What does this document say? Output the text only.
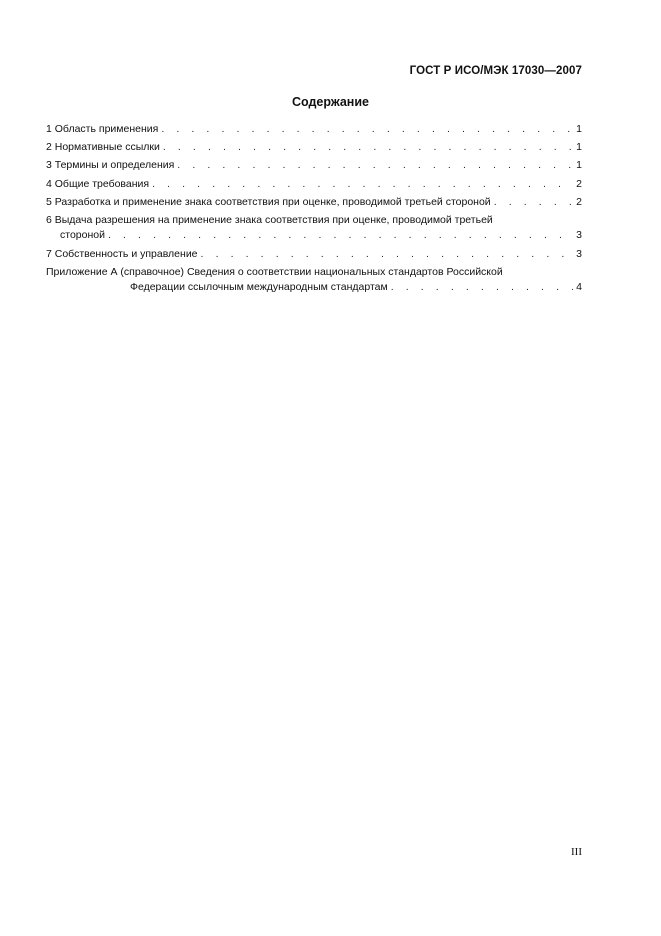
ГОСТ Р ИСО/МЭК 17030—2007
Содержание
1 Область применения . . .	1
2 Нормативные ссылки . . .	1
3 Термины и определения . . .	1
4 Общие требования . . .	2
5 Разработка и применение знака соответствия при оценке, проводимой третьей стороной . . .	2
6 Выдача разрешения на применение знака соответствия при оценке, проводимой третьей
стороной . . .	3
7 Собственность и управление . . .	3
Приложение А (справочное) Сведения о соответствии национальных стандартов Российской
Федерации ссылочным международным стандартам . . .	4
III
